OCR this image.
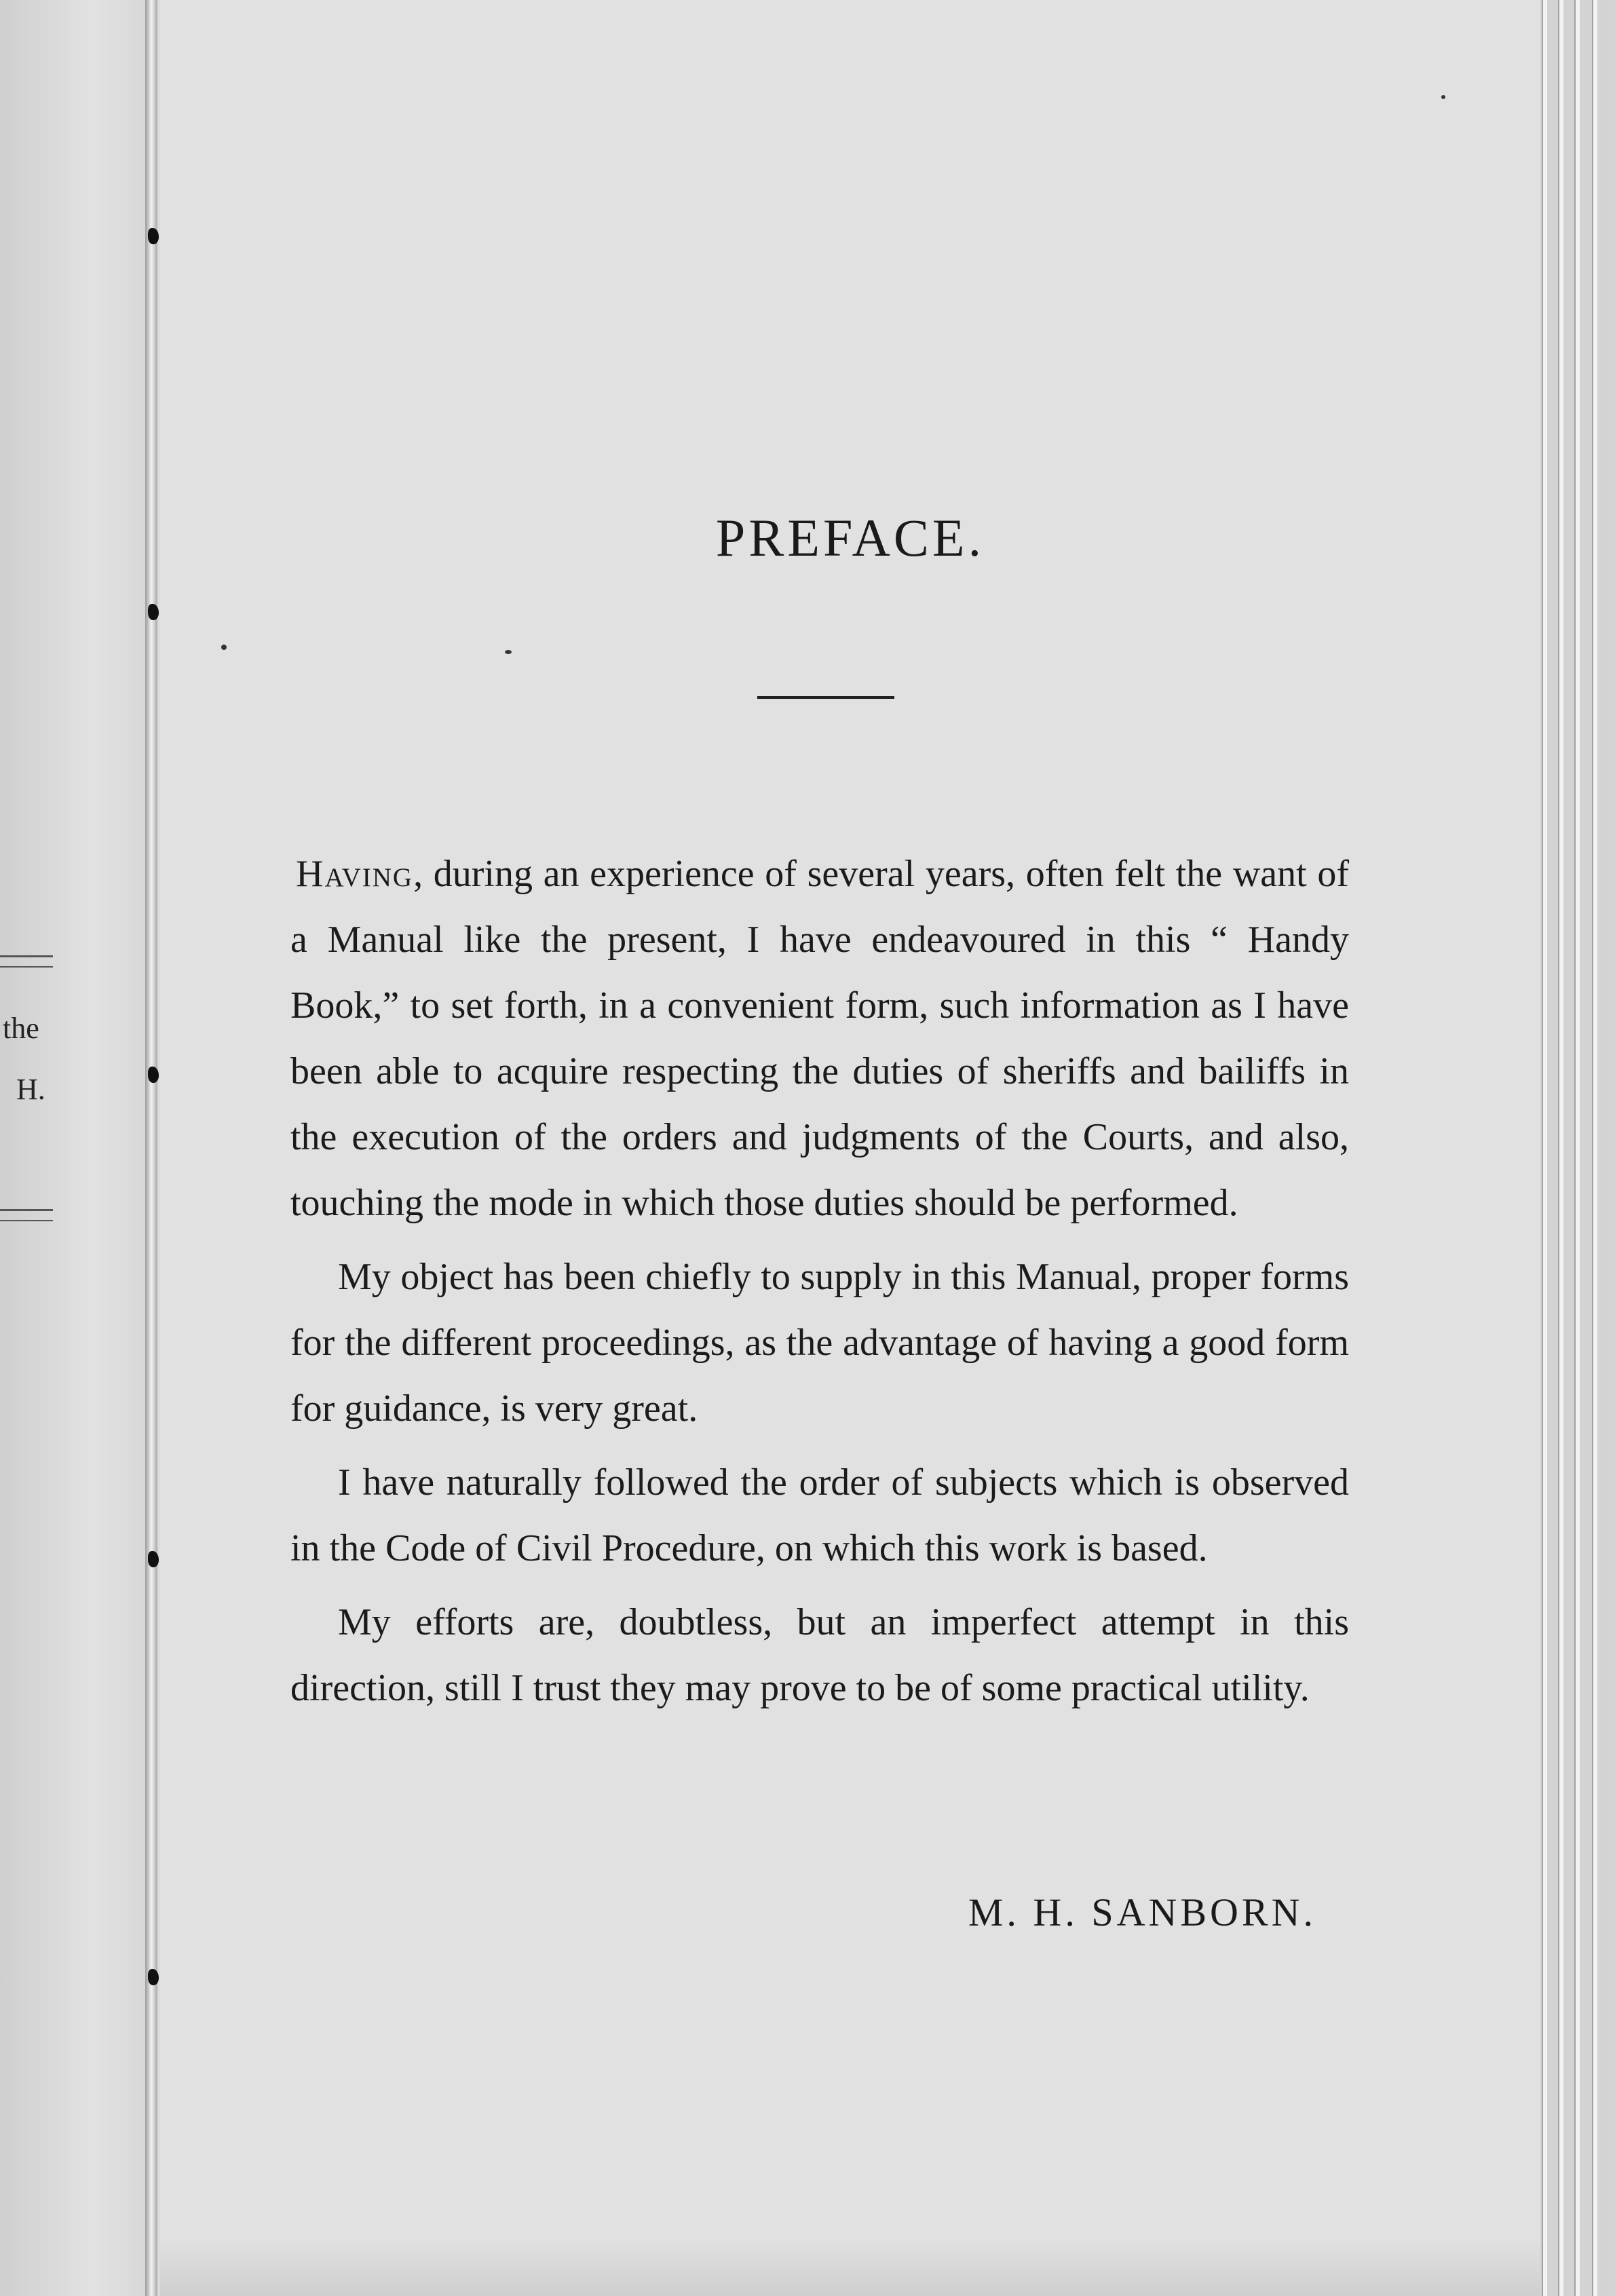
the
H.
PREFACE.

Having, during an experience of several years, often felt the want of a Manual like the present, I have endeavoured in this “ Handy Book,” to set forth, in a convenient form, such information as I have been able to acquire respecting the duties of sheriffs and bailiffs in the execution of the orders and judgments of the Courts, and also, touching the mode in which those duties should be performed.

My object has been chiefly to supply in this Manual, proper forms for the different proceedings, as the advantage of having a good form for guidance, is very great.

I have naturally followed the order of subjects which is observed in the Code of Civil Procedure, on which this work is based.

My efforts are, doubtless, but an imperfect attempt in this direction, still I trust they may prove to be of some practical utility.

M. H. SANBORN.
